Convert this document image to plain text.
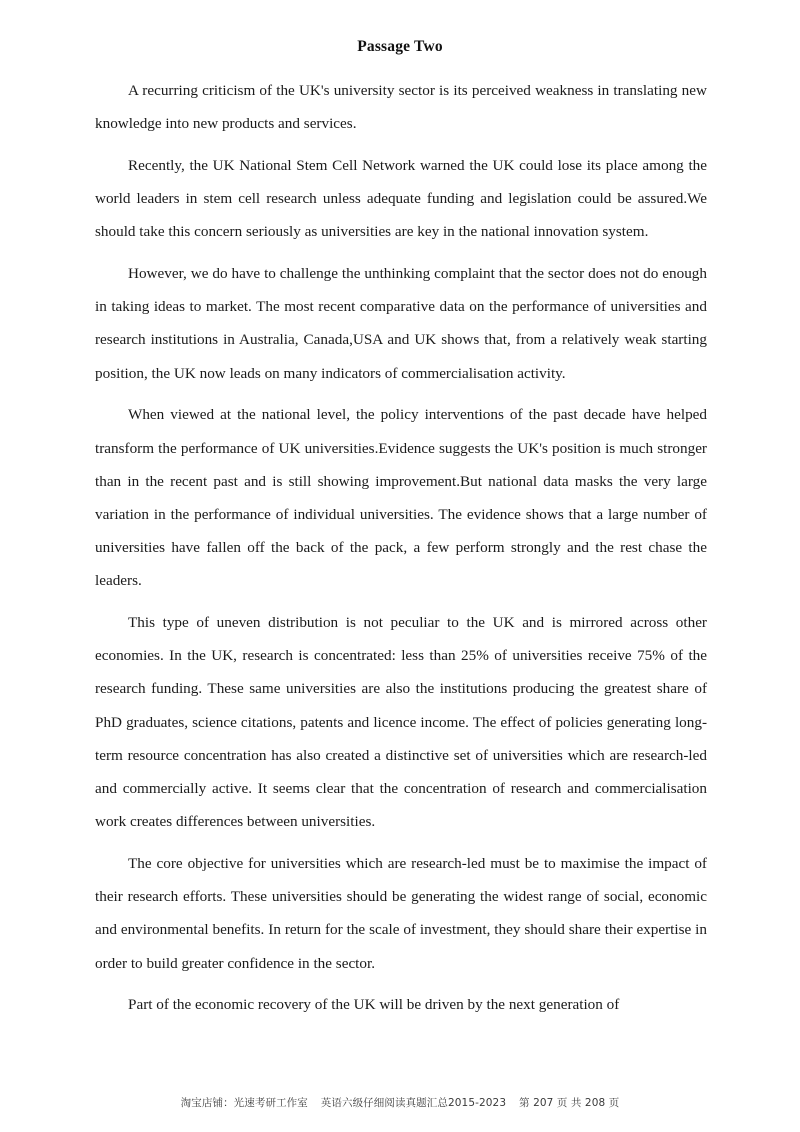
Passage Two

A recurring criticism of the UK's university sector is its perceived weakness in translating new knowledge into new products and services.

Recently, the UK National Stem Cell Network warned the UK could lose its place among the world leaders in stem cell research unless adequate funding and legislation could be assured.We should take this concern seriously as universities are key in the national innovation system.

However, we do have to challenge the unthinking complaint that the sector does not do enough in taking ideas to market. The most recent comparative data on the performance of universities and research institutions in Australia, Canada,USA and UK shows that, from a relatively weak starting position, the UK now leads on many indicators of commercialisation activity.

When viewed at the national level, the policy interventions of the past decade have helped transform the performance of UK universities.Evidence suggests the UK's position is much stronger than in the recent past and is still showing improvement.But national data masks the very large variation in the performance of individual universities. The evidence shows that a large number of universities have fallen off the back of the pack, a few perform strongly and the rest chase the leaders.

This type of uneven distribution is not peculiar to the UK and is mirrored across other economies. In the UK, research is concentrated: less than 25% of universities receive 75% of the research funding. These same universities are also the institutions producing the greatest share of PhD graduates, science citations, patents and licence income. The effect of policies generating long-term resource concentration has also created a distinctive set of universities which are research-led and commercially active. It seems clear that the concentration of research and commercialisation work creates differences between universities.

The core objective for universities which are research-led must be to maximise the impact of their research efforts. These universities should be generating the widest range of social, economic and environmental benefits. In return for the scale of investment, they should share their expertise in order to build greater confidence in the sector.

Part of the economic recovery of the UK will be driven by the next generation of

淘宝店铺：光速考研工作室 英语六级仔细阅读真题汇总2015-2023 第 207 页 共 208 页
